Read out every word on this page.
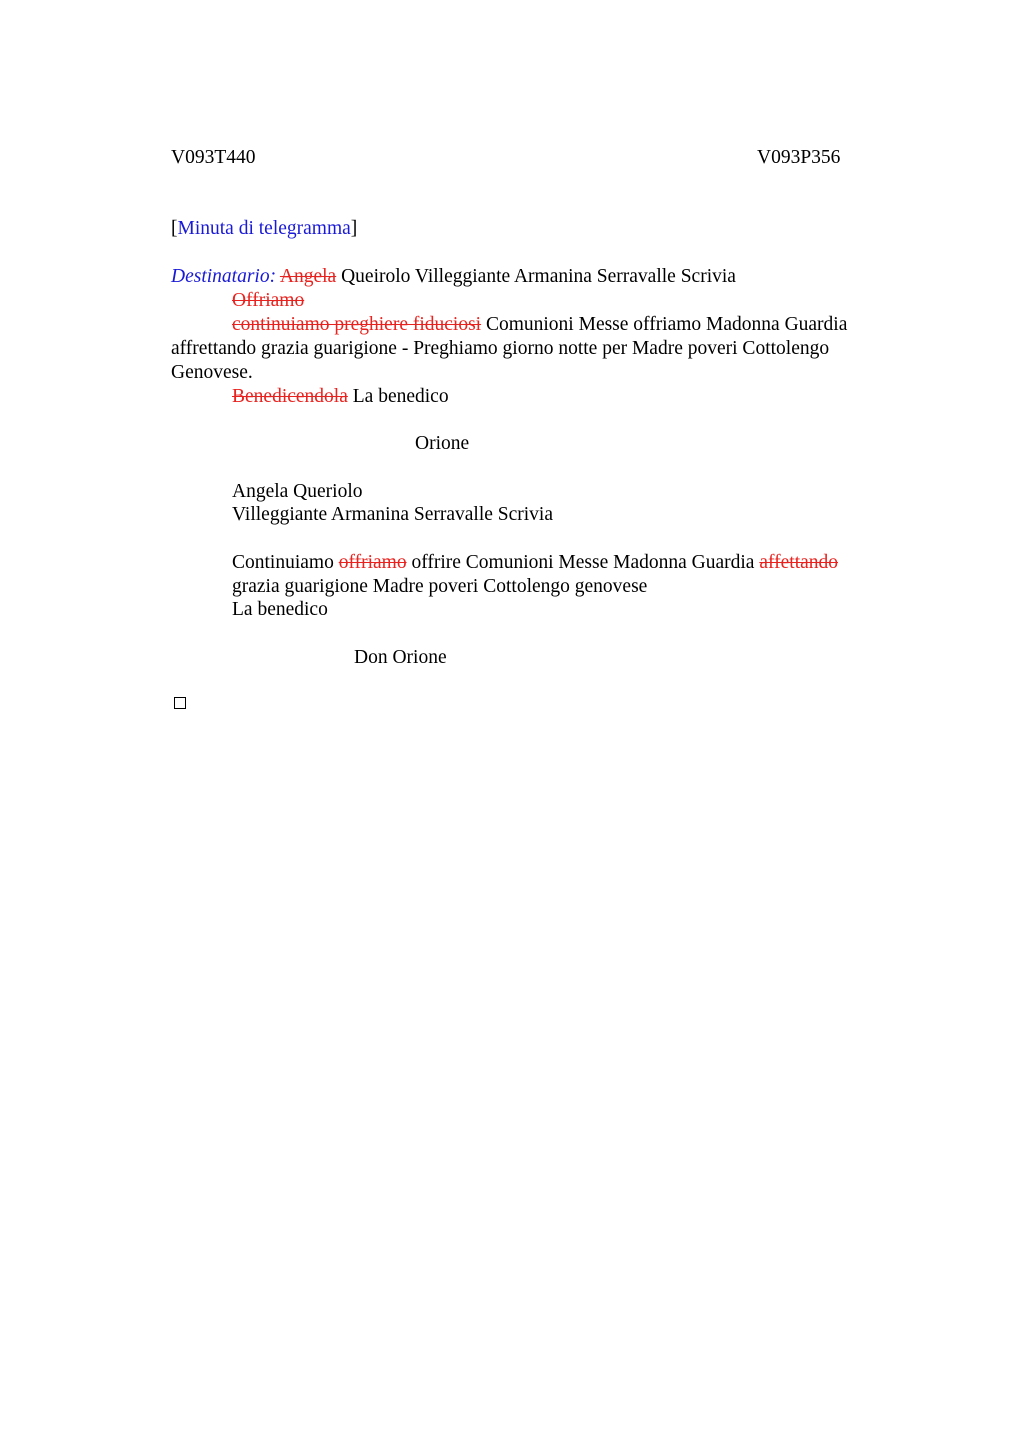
V093T440	V093P356
[Minuta di telegramma]
Destinatario: Angela Queirolo Villeggiante Armanina Serravalle Scrivia
Offriamo
continuiamo preghiere fiduciosi Comunioni Messe offriamo Madonna Guardia
affrettando grazia guarigione - Preghiamo giorno notte per Madre poveri Cottolengo
Genovese.
Benedicendola La benedico
Orione
Angela Queriolo
Villeggiante Armanina Serravalle Scrivia
Continuiamo offriamo offrire Comunioni Messe Madonna Guardia affettando
grazia guarigione Madre poveri Cottolengo genovese
La benedico
Don Orione
